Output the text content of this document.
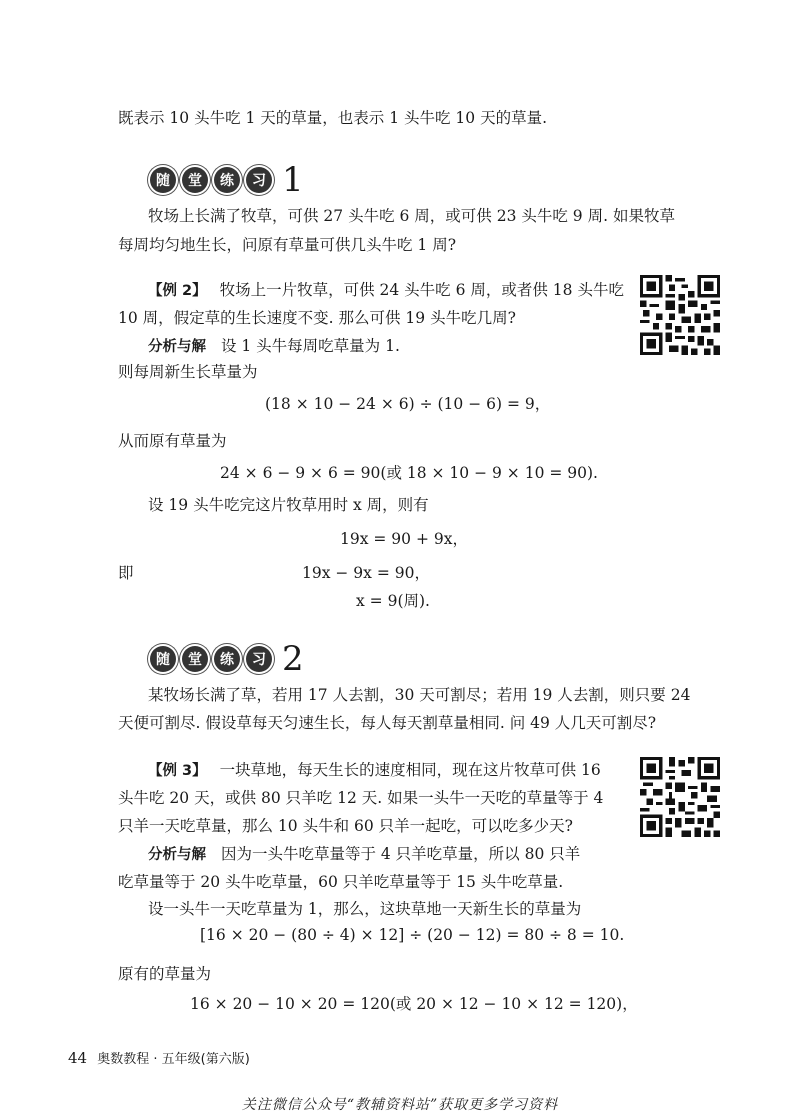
既表示 10 头牛吃 1 天的草量，也表示 1 头牛吃 10 天的草量.
随	堂	练	习 1
牧场上长满了牧草，可供 27 头牛吃 6 周，或可供 23 头牛吃 9 周. 如果牧草
每周均匀地生长，问原有草量可供几头牛吃 1 周?
【例 2】 牧场上一片牧草，可供 24 头牛吃 6 周，或者供 18 头牛吃
10 周，假定草的生长速度不变. 那么可供 19 头牛吃几周?
分析与解 设 1 头牛每周吃草量为 1.
则每周新生长草量为
(18 × 10 − 24 × 6) ÷ (10 − 6) = 9，
从而原有草量为
24 × 6 − 9 × 6 = 90(或 18 × 10 − 9 × 10 = 90).
设 19 头牛吃完这片牧草用时 x 周，则有
19x = 90 + 9x，
即	19x − 9x = 90，
x = 9(周).
随	堂	练	习 2
某牧场长满了草，若用 17 人去割，30 天可割尽；若用 19 人去割，则只要 24
天便可割尽. 假设草每天匀速生长，每人每天割草量相同. 问 49 人几天可割尽?
【例 3】 一块草地，每天生长的速度相同，现在这片牧草可供 16
头牛吃 20 天，或供 80 只羊吃 12 天. 如果一头牛一天吃的草量等于 4
只羊一天吃草量，那么 10 头牛和 60 只羊一起吃，可以吃多少天?
分析与解 因为一头牛吃草量等于 4 只羊吃草量，所以 80 只羊
吃草量等于 20 头牛吃草量，60 只羊吃草量等于 15 头牛吃草量.
设一头牛一天吃草量为 1，那么，这块草地一天新生长的草量为
[16 × 20 − (80 ÷ 4) × 12] ÷ (20 − 12) = 80 ÷ 8 = 10.
原有的草量为
16 × 20 − 10 × 20 = 120(或 20 × 12 − 10 × 12 = 120)，
44 奥数教程 · 五年级(第六版)
关注微信公众号“教辅资料站”获取更多学习资料
